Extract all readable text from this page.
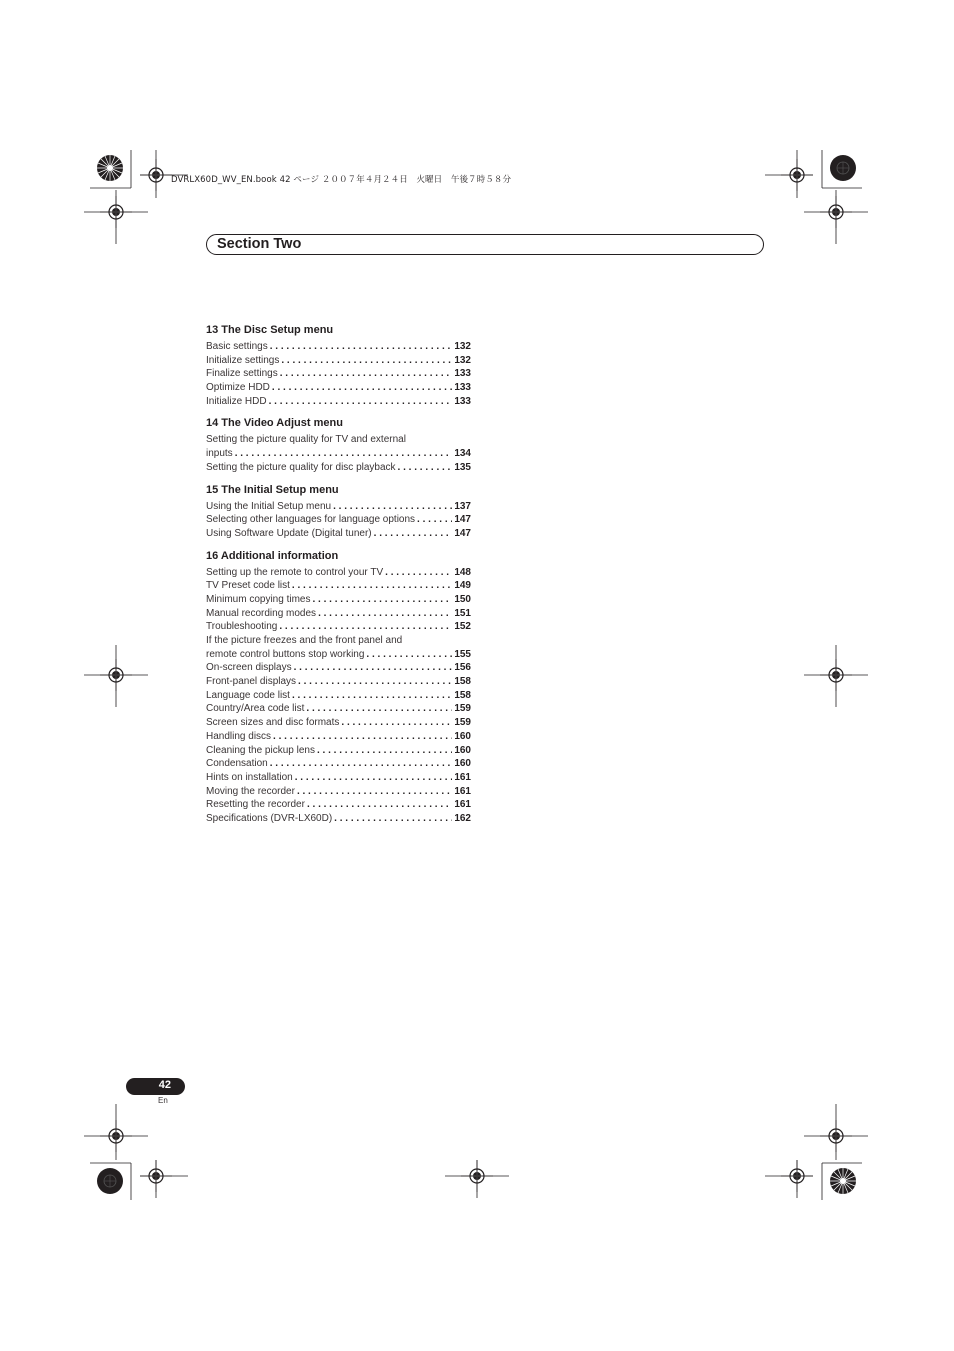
DVRLX60D_WV_EN.book 42 ページ ２００７年４月２４日　火曜日　午後７時５８分
Section Two
13 The Disc Setup menu
Basic settings . . .	132
Initialize settings . . .	132
Finalize settings . . .	133
Optimize HDD . . .	133
Initialize HDD . . .	133
14 The Video Adjust menu
Setting the picture quality for TV and external
inputs . . .	134
Setting the picture quality for disc playback . . .	135
15 The Initial Setup menu
Using the Initial Setup menu . . .	137
Selecting other languages for language options . . .	147
Using Software Update (Digital tuner) . . .	147
16 Additional information
Setting up the remote to control your TV . . .	148
TV Preset code list . . .	149
Minimum copying times . . .	150
Manual recording modes . . .	151
Troubleshooting . . .	152
If the picture freezes and the front panel and
remote control buttons stop working . . .	155
On-screen displays . . .	156
Front-panel displays . . .	158
Language code list . . .	158
Country/Area code list . . .	159
Screen sizes and disc formats . . .	159
Handling discs . . .	160
Cleaning the pickup lens . . .	160
Condensation . . .	160
Hints on installation . . .	161
Moving the recorder . . .	161
Resetting the recorder . . .	161
Specifications (DVR-LX60D) . . .	162
42
En
